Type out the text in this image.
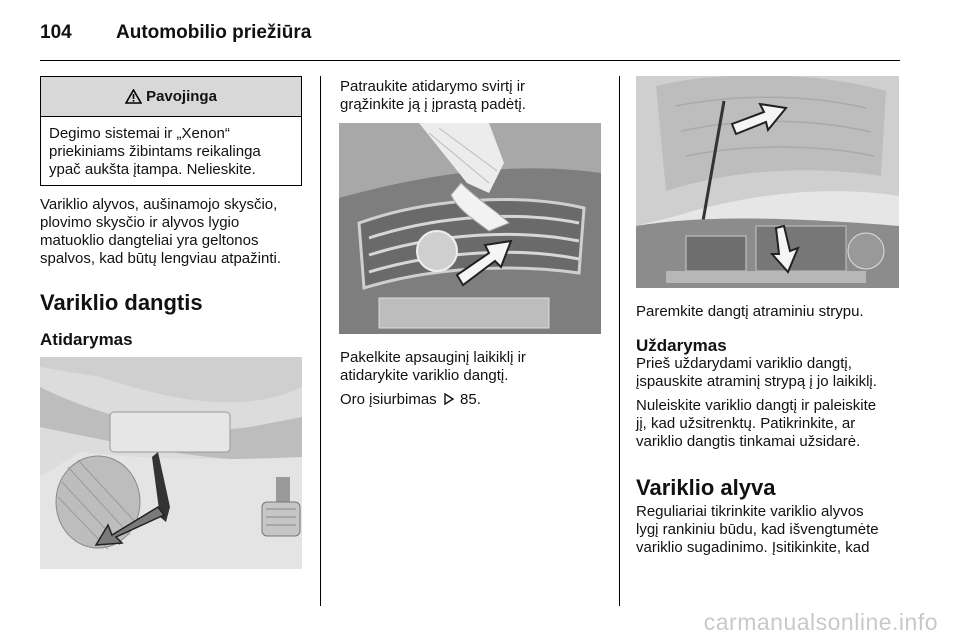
104 Automobilio priežiūra
Pavojinga
Degimo sistemai ir „Xenon“
priekiniams žibintams reikalinga
ypač aukšta įtampa. Nelieskite.
Variklio alyvos, aušinamojo skysčio,
plovimo skysčio ir alyvos lygio
matuoklio dangteliai yra geltonos
spalvos, kad būtų lengviau atpažinti.
Variklio dangtis
Atidarymas
Patraukite atidarymo svirtį ir
grąžinkite ją į įprastą padėtį.
Pakelkite apsauginį laikiklį ir
atidarykite variklio dangtį.
Oro įsiurbimas 85.
Paremkite dangtį atraminiu strypu.
Uždarymas
Prieš uždarydami variklio dangtį,
įspauskite atraminį strypą į jo laikiklį.
Nuleiskite variklio dangtį ir paleiskite
jį, kad užsitrenktų. Patikrinkite, ar
variklio dangtis tinkamai užsidarė.
Variklio alyva
Reguliariai tikrinkite variklio alyvos
lygį rankiniu būdu, kad išvengtumėte
variklio sugadinimo. Įsitikinkite, kad
carmanualsonline.info
